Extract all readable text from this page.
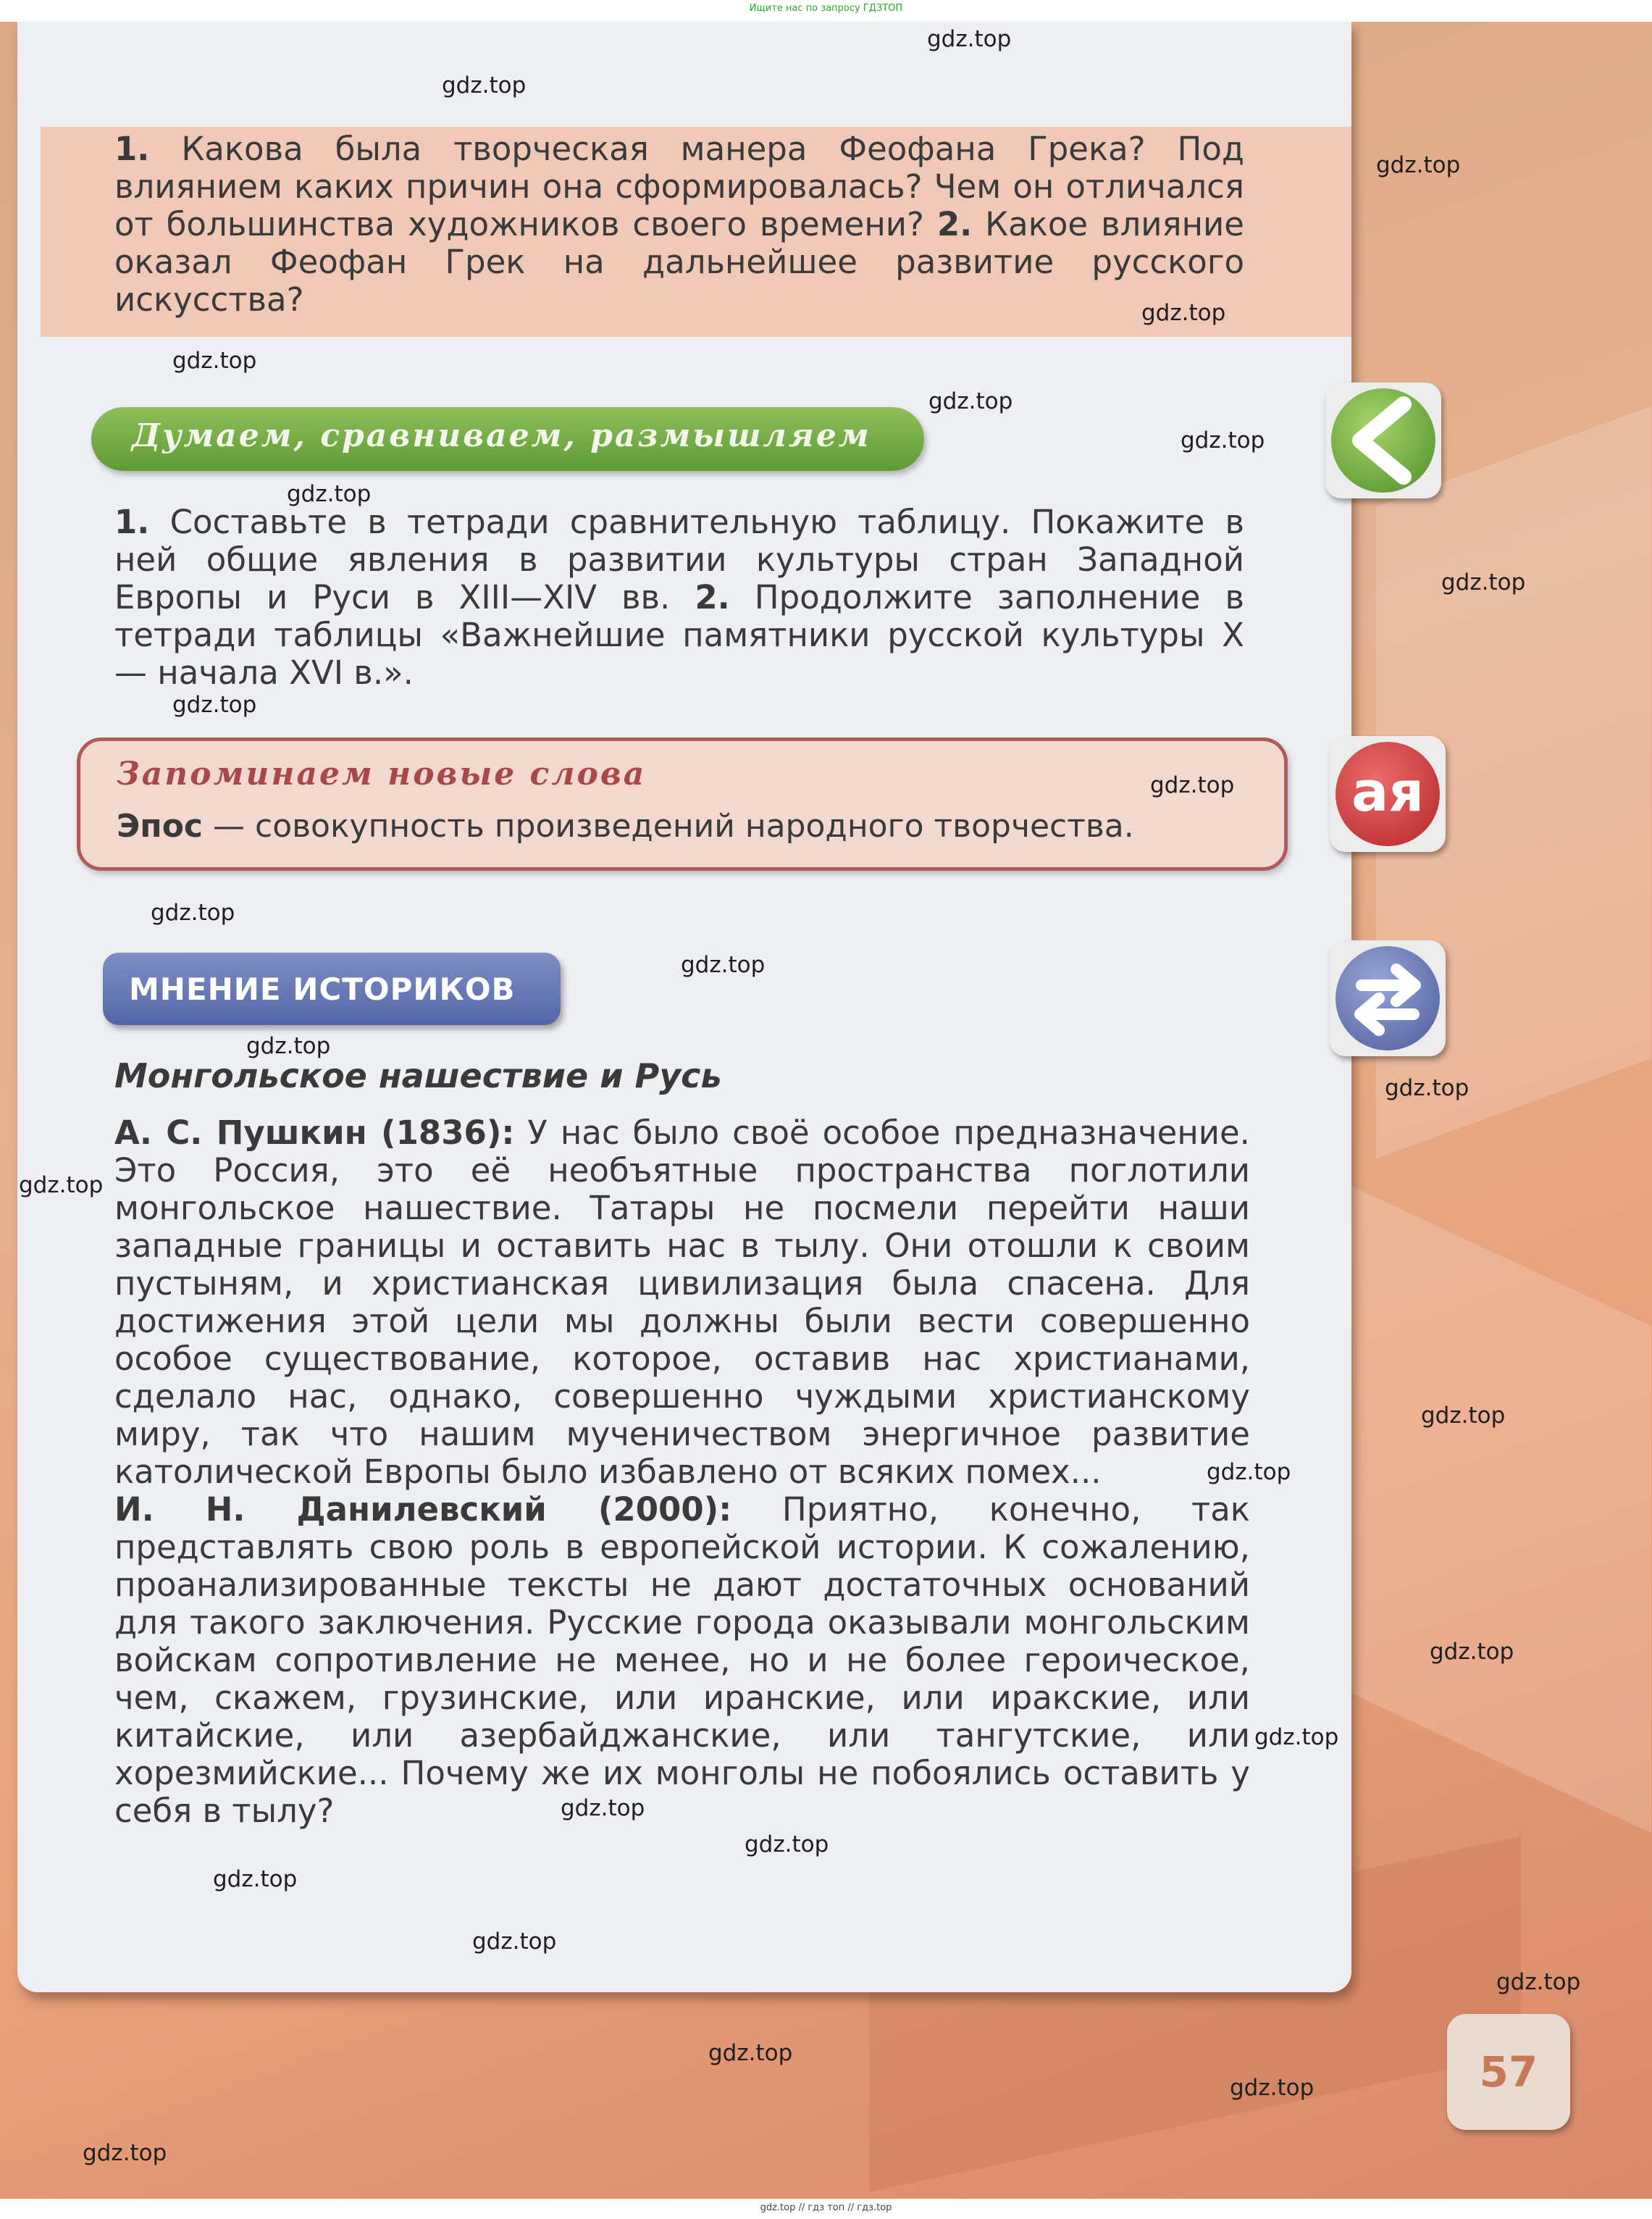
Ищите нас по запросу ГДЗТОП
1. Какова была творческая манера Феофана Грека? Под влиянием каких причин она сформировалась? Чем он отличался от большинства художников своего времени? 2. Какое влияние оказал Феофан Грек на дальнейшее развитие русского искусства?
Думаем, сравниваем, размышляем
1. Составьте в тетради сравнительную таблицу. Покажите в ней общие явления в развитии культуры стран Западной Европы и Руси в XIII—XIV вв. 2. Продолжите заполнение в тетради таблицы «Важнейшие памятники русской культуры X — начала XVI в.».
Запоминаем новые слова
Эпос — совокупность произведений народного творчества.
МНЕНИЕ ИСТОРИКОВ
Монгольское нашествие и Русь

А. С. Пушкин (1836): У нас было своё особое предназначение. Это Россия, это её необъятные пространства поглотили монгольское нашествие. Татары не посмели перейти наши западные границы и оставить нас в тылу. Они отошли к своим пустыням, и христианская цивилизация была спасена. Для достижения этой цели мы должны были вести совершенно особое существование, которое, оставив нас христианами, сделало нас, однако, совершенно чуждыми христианскому миру, так что нашим мученичеством энергичное развитие католической Европы было избавлено от всяких помех...

И. Н. Данилевский (2000): Приятно, конечно, так представлять свою роль в европейской истории. К сожалению, проанализированные тексты не дают достаточных оснований для такого заключения. Русские города оказывали монгольским войскам сопротивление не менее, но и не более героическое, чем, скажем, грузинские, или иранские, или иракские, или китайские, или азербайджанские, или тангутские, или хорезмийские... Почему же их монголы не побоялись оставить у себя в тылу?

ая
57
gdz.top
gdz.top
gdz.top
gdz.top
gdz.top
gdz.top
gdz.top
gdz.top
gdz.top
gdz.top
gdz.top
gdz.top
gdz.top
gdz.top
gdz.top
gdz.top
gdz.top
gdz.top
gdz.top
gdz.top
gdz.top
gdz.top
gdz.top
gdz.top
gdz.top
gdz.top
gdz.top
gdz.top
gdz.top // гдз топ // гдз.top
